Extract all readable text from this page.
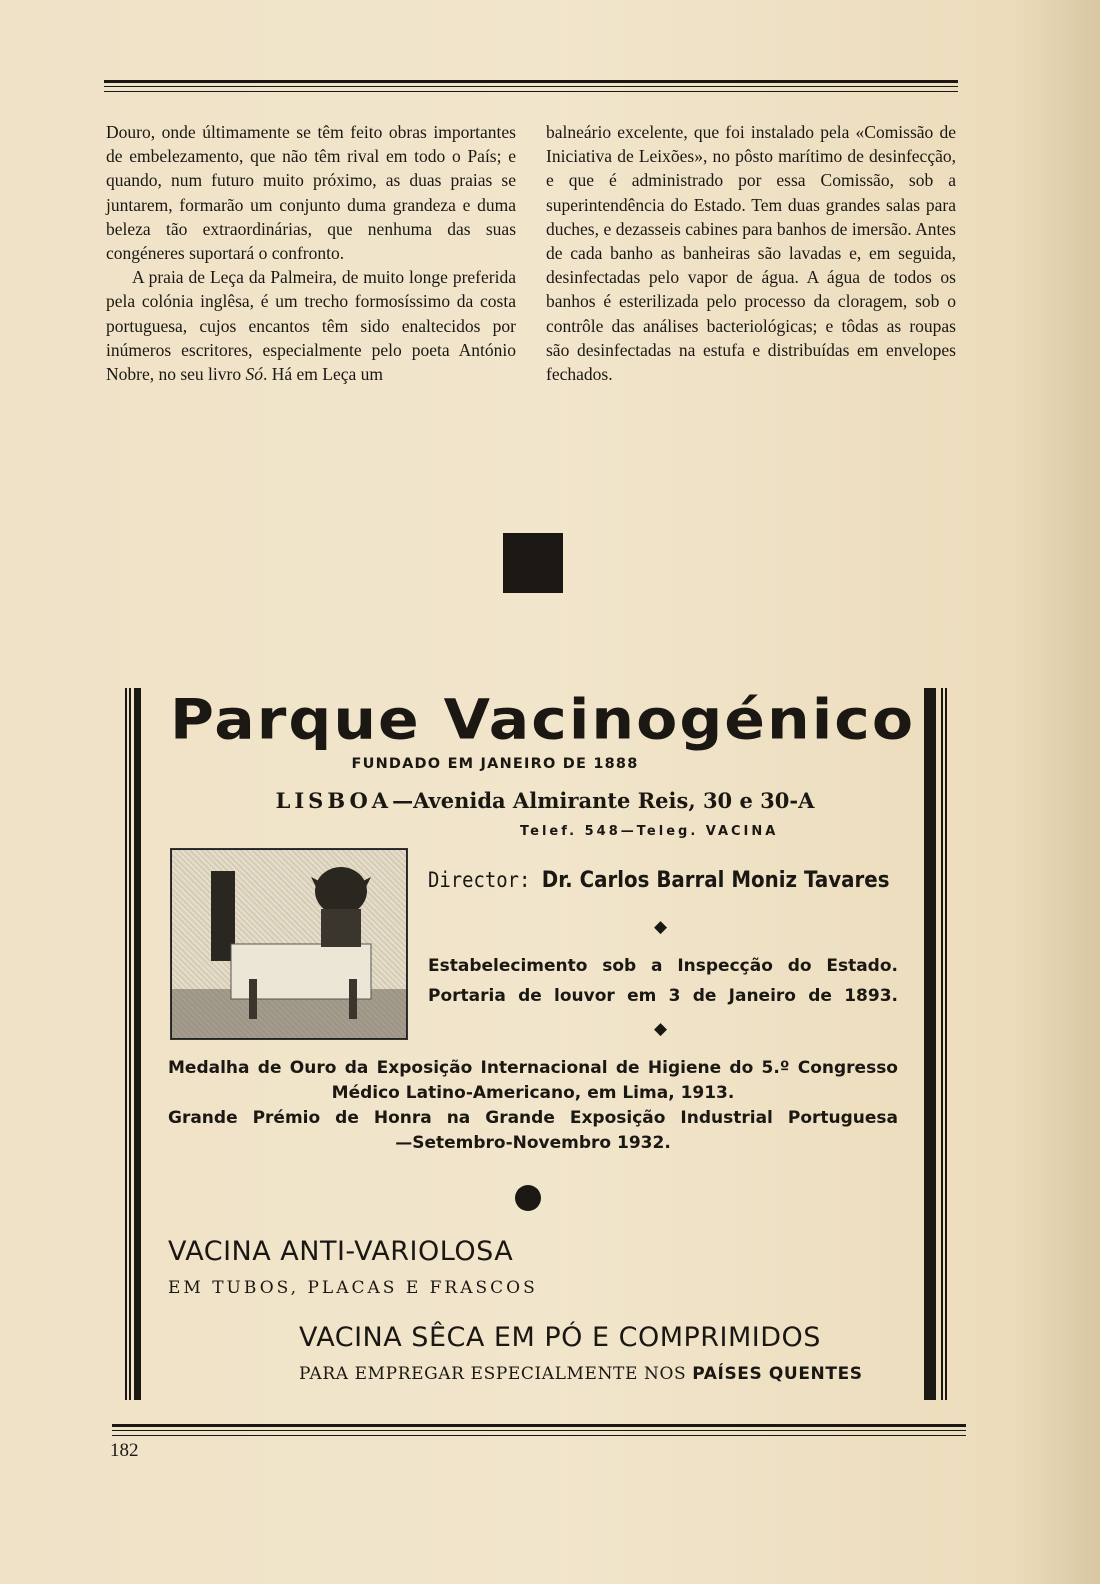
Douro, onde últimamente se têm feito obras importantes de embelezamento, que não têm rival em todo o País; e quando, num futuro muito próximo, as duas praias se juntarem, formarão um conjunto duma grandeza e duma beleza tão extraordinárias, que nenhuma das suas congéneres suportará o confronto.

A praia de Leça da Palmeira, de muito longe preferida pela colónia inglêsa, é um trecho formosíssimo da costa portuguesa, cujos encantos têm sido enaltecidos por inúmeros escritores, especialmente pelo poeta António Nobre, no seu livro Só. Há em Leça um

balneário excelente, que foi instalado pela «Comissão de Iniciativa de Leixões», no pôsto marítimo de desinfecção, e que é administrado por essa Comissão, sob a superintendência do Estado. Tem duas grandes salas para duches, e dezasseis cabines para banhos de imersão. Antes de cada banho as banheiras são lavadas e, em seguida, desinfectadas pelo vapor de água. A água de todos os banhos é esterilizada pelo processo da cloragem, sob o contrôle das análises bacteriológicas; e tôdas as roupas são desinfectadas na estufa e distribuídas em envelopes fechados.

Parque Vacinogénico
FUNDADO EM JANEIRO DE 1888
LISBOA—Avenida Almirante Reis, 30 e 30-A
Telef. 548—Teleg. VACINA
Director: Dr. Carlos Barral Moniz Tavares
◆
Estabelecimento sob a Inspecção do Estado.
Portaria de louvor em 3 de Janeiro de 1893.
◆
Medalha de Ouro da Exposição Internacional de Higiene do 5.º Congresso
Médico Latino-Americano, em Lima, 1913.
Grande Prémio de Honra na Grande Exposição Industrial Portuguesa
—Setembro-Novembro 1932.
VACINA ANTI-VARIOLOSA
EM TUBOS, PLACAS E FRASCOS
VACINA SÊCA EM PÓ E COMPRIMIDOS
PARA EMPREGAR ESPECIALMENTE NOS PAÍSES QUENTES
182
